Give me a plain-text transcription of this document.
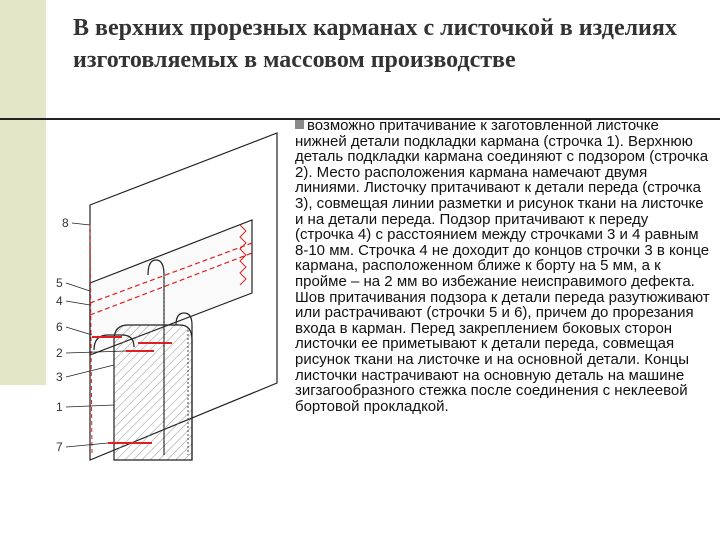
В верхних прорезных карманах с листочкой в изделиях изготовляемых в массовом производстве
8
5
4
6
2
3
1
7

возможно притачивание к заготовленной листочке нижней детали подкладки кармана (строчка 1). Верхнюю деталь подкладки кармана соединяют с подзором (строчка 2). Место расположения кармана намечают двумя линиями. Листочку притачивают к детали переда (строчка 3), совмещая линии разметки и рисунок ткани на листочке и на детали переда. Подзор притачивают к переду (строчка 4) с расстоянием между строчками 3 и 4 равным 8-10 мм. Строчка 4 не доходит до концов строчки 3 в конце кармана, расположенном ближе к борту на 5 мм, а к пройме – на 2 мм во избежание неисправимого дефекта. Шов притачивания подзора к детали переда разутюживают или растрачивают (строчки 5 и 6), причем до прорезания входа в карман. Перед закреплением боковых сторон листочки ее приметывают к детали переда, совмещая рисунок ткани на листочке и на основной детали. Концы листочки настрачивают на основную деталь на машине зигзагообразного стежка после соединения с неклеевой бортовой прокладкой.
